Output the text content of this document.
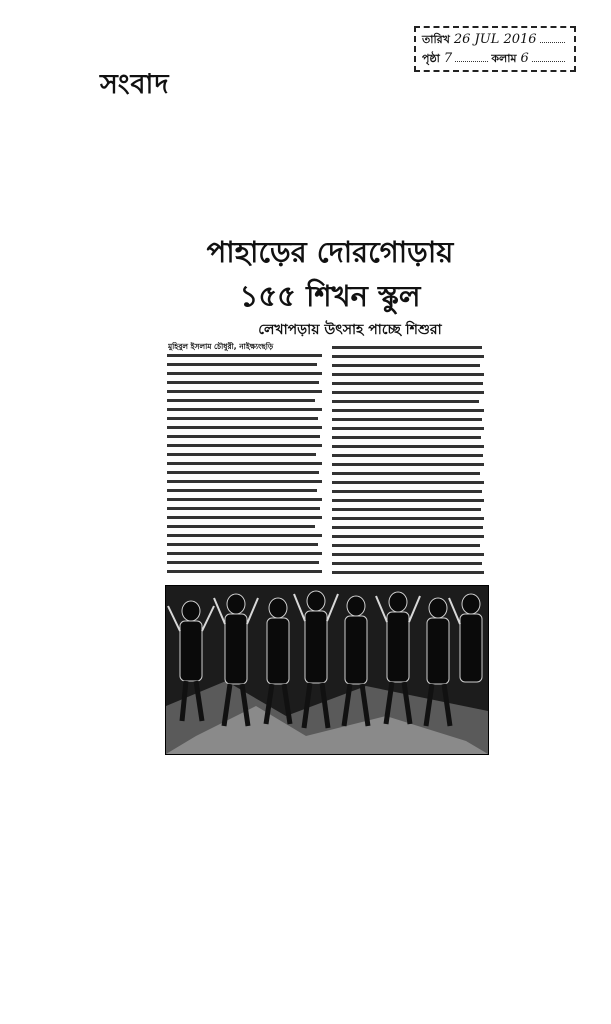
তারিখ 26 JUL 2016
পৃষ্ঠা 7	কলাম 6
সংবাদ
পাহাড়ের দোরগোড়ায়
১৫৫ শিখন স্কুল
লেখাপড়ায় উৎসাহ পাচ্ছে শিশুরা
মুহিবুল ইসলাম চৌধুরী, নাইক্ষ্যংছড়ি
